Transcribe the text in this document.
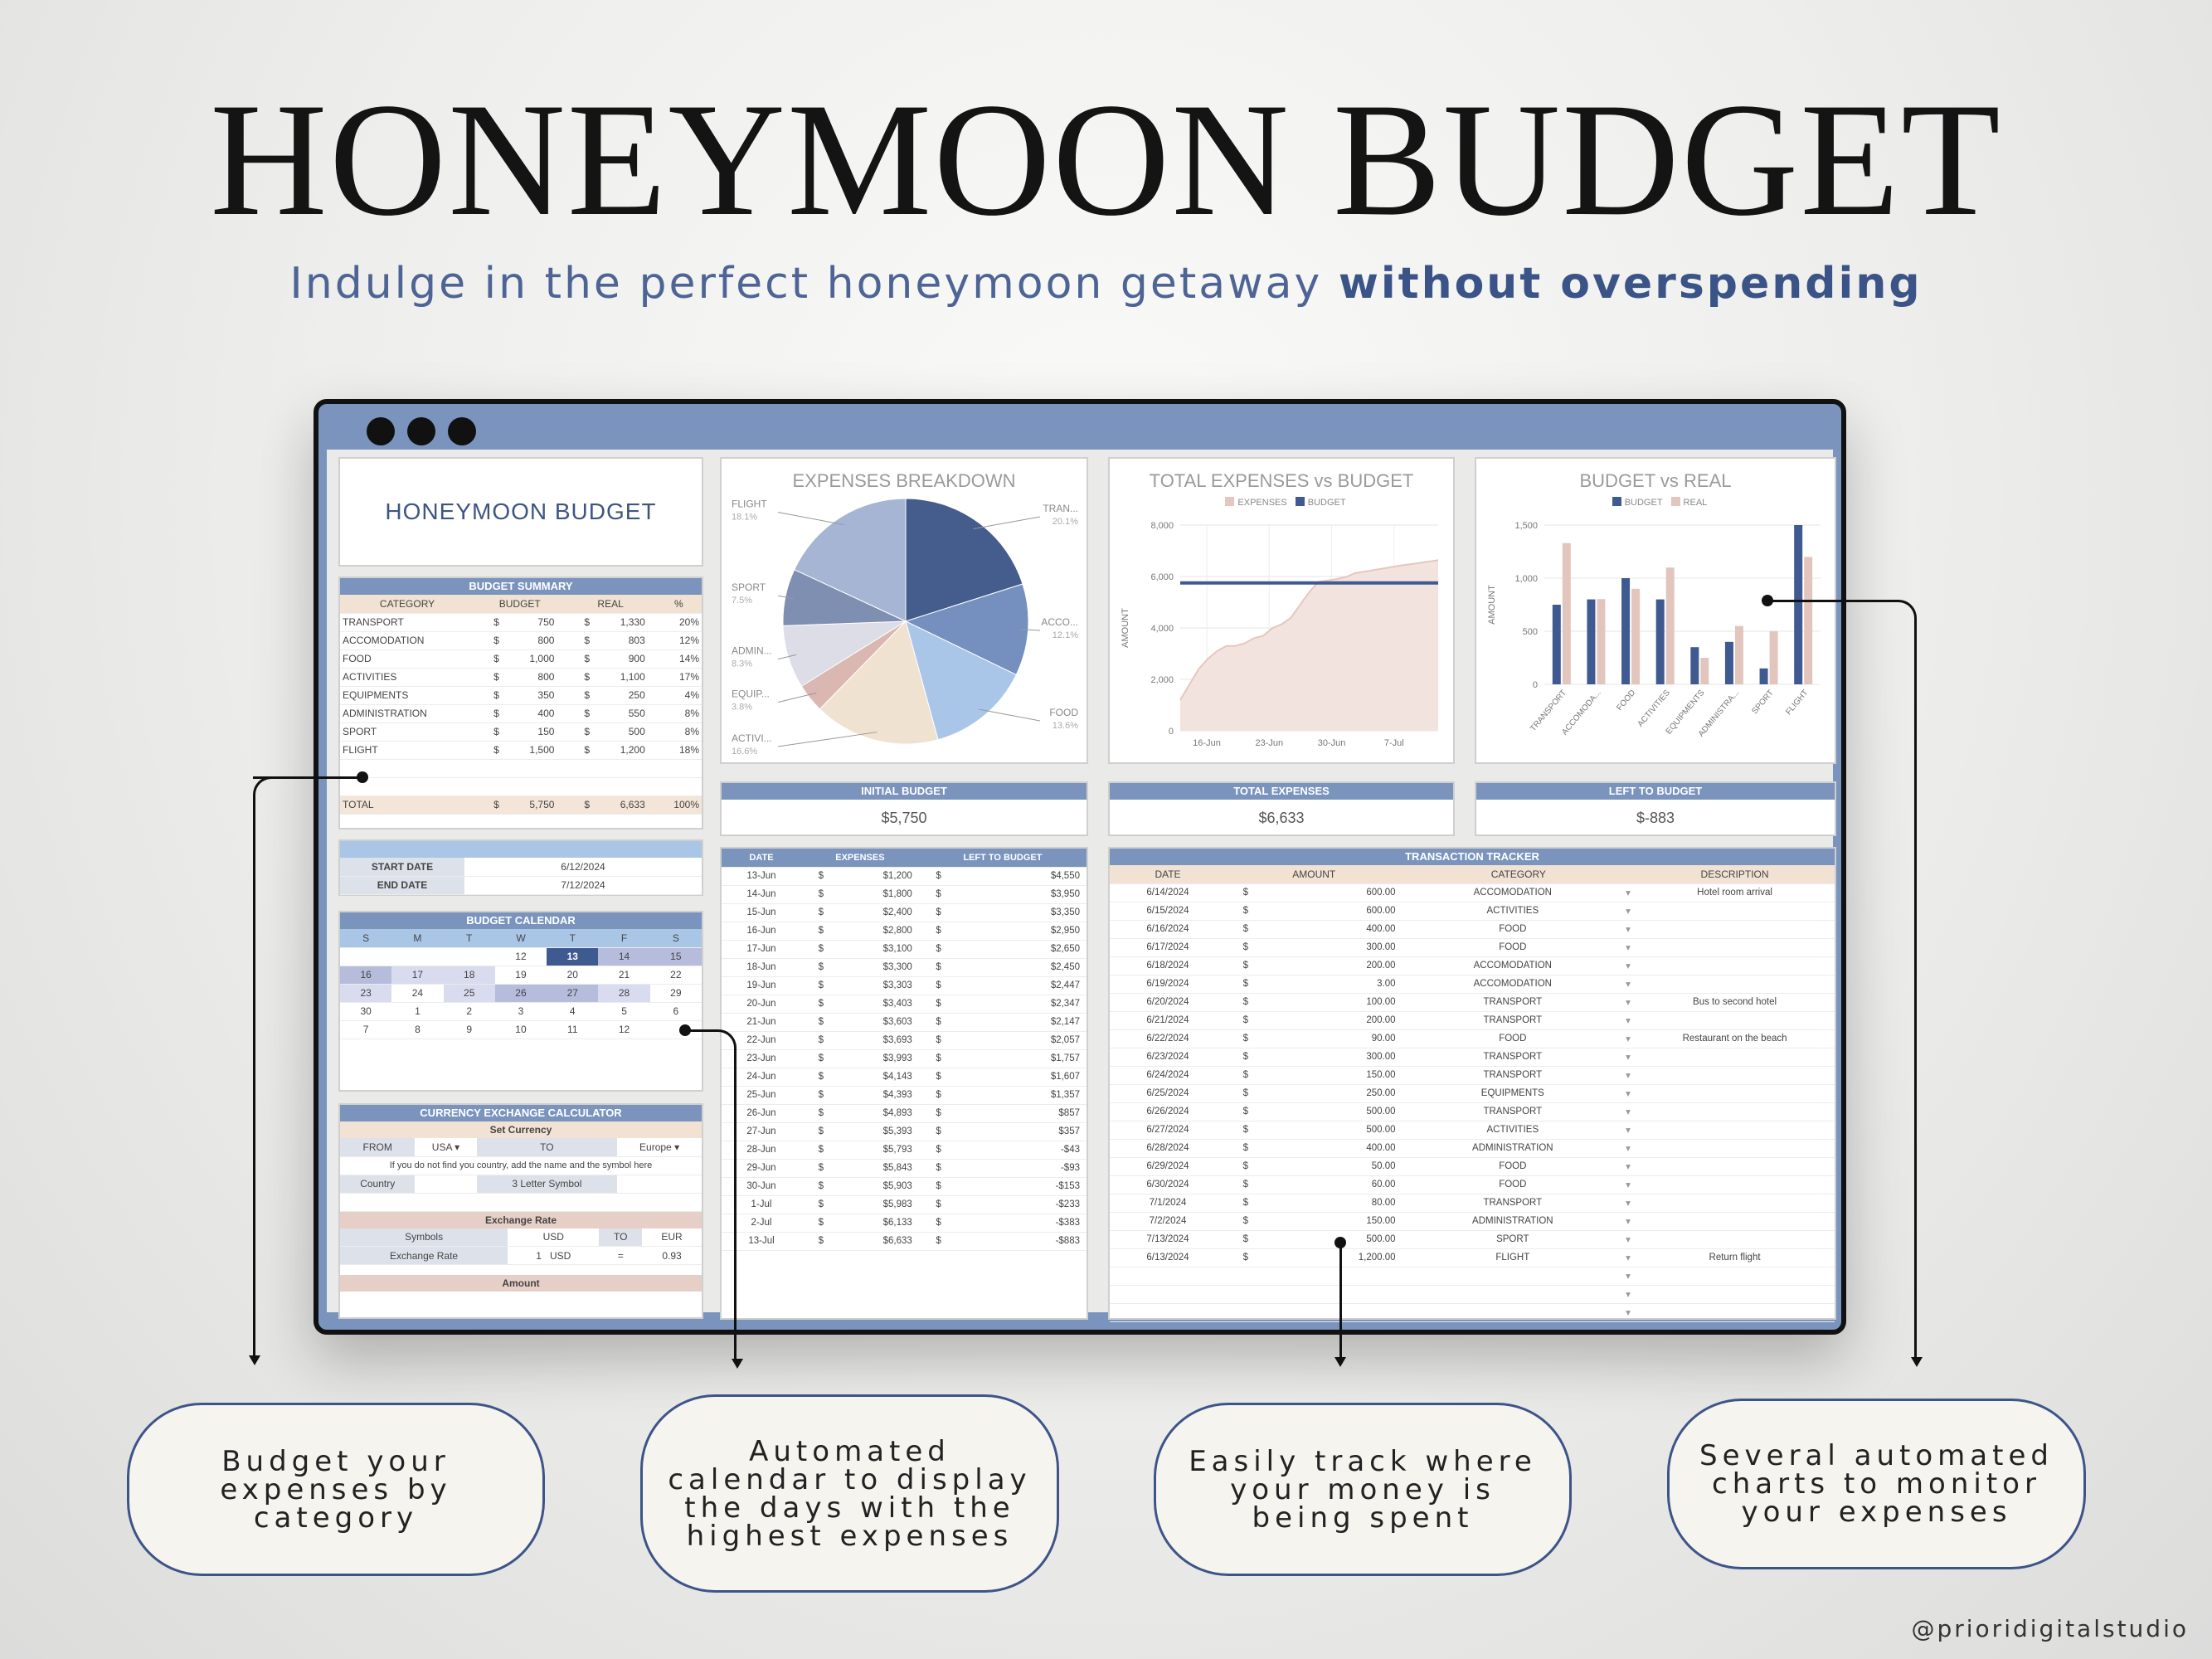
HONEYMOON BUDGET
Indulge in the perfect honeymoon getaway without overspending
HONEYMOON BUDGET
BUDGET SUMMARY
CATEGORY	BUDGET	REAL	%
TRANSPORT	$ 750	$ 1,330	20%
ACCOMODATION	$ 800	$ 803	12%
FOOD	$ 1,000	$ 900	14%
ACTIVITIES	$ 800	$ 1,100	17%
EQUIPMENTS	$ 350	$ 250	4%
ADMINISTRATION	$ 400	$ 550	8%
SPORT	$ 150	$ 500	8%
FLIGHT	$ 1,500	$ 1,200	18%

TOTAL	$ 5,750	$ 6,633	100%
START DATE	6/12/2024
END DATE	7/12/2024
BUDGET CALENDAR
S	M	T	W	T	F	S
			12	13	14	15
16	17	18	19	20	21	22
23	24	25	26	27	28	29
30	1	2	3	4	5	6
7	8	9	10	11	12	
CURRENCY EXCHANGE CALCULATOR
Set Currency
FROM	USA ▾	TO	Europe ▾
If you do not find you country, add the name and the symbol here			
Country		3 Letter Symbol	

Exchange Rate
Symbols	USD	TO	EUR
Exchange Rate	1 USD	=	0.93
Amount
EXPENSES BREAKDOWN
TRAN...
20.1%
ACCO...
12.1%
FOOD
13.6%
ACTIVI...
16.6%
EQUIP...
3.8%
ADMIN...
8.3%
SPORT
7.5%
FLIGHT
18.1%
TOTAL EXPENSES vs BUDGET
EXPENSES BUDGET
0
2,000
4,000
6,000
8,000
16-Jun	23-Jun	30-Jun	7-Jul
AMOUNT
BUDGET vs REAL
BUDGET REAL
0
500
1,000
1,500
TRANSPORT
ACCOMODA... FOOD
ACTIVITIES
EQUIPMENTS
ADMINISTRA... SPORT FLIGHT
AMOUNT
INITIAL BUDGET
$5,750
TOTAL EXPENSES
$6,633
LEFT TO BUDGET
$-883
DATE	EXPENSES		LEFT TO BUDGET	
13-Jun	$	$1,200	$	$4,550
14-Jun	$	$1,800	$	$3,950
15-Jun	$	$2,400	$	$3,350
16-Jun	$	$2,800	$	$2,950
17-Jun	$	$3,100	$	$2,650
18-Jun	$	$3,300	$	$2,450
19-Jun	$	$3,303	$	$2,447
20-Jun	$	$3,403	$	$2,347
21-Jun	$	$3,603	$	$2,147
22-Jun	$	$3,693	$	$2,057
23-Jun	$	$3,993	$	$1,757
24-Jun	$	$4,143	$	$1,607
25-Jun	$	$4,393	$	$1,357
26-Jun	$	$4,893	$	$857
27-Jun	$	$5,393	$	$357
28-Jun	$	$5,793	$	-$43
29-Jun	$	$5,843	$	-$93
30-Jun	$	$5,903	$	-$153
1-Jul	$	$5,983	$	-$233
2-Jul	$	$6,133	$	-$383
13-Jul	$	$6,633	$	-$883
TRANSACTION TRACKER
DATE	AMOUNT		CATEGORY		DESCRIPTION
6/14/2024	$	600.00	ACCOMODATION	▾	Hotel room arrival
6/15/2024	$	600.00	ACTIVITIES	▾	
6/16/2024	$	400.00	FOOD	▾	
6/17/2024	$	300.00	FOOD	▾	
6/18/2024	$	200.00	ACCOMODATION	▾	
6/19/2024	$	3.00	ACCOMODATION	▾	
6/20/2024	$	100.00	TRANSPORT	▾	Bus to second hotel
6/21/2024	$	200.00	TRANSPORT	▾	
6/22/2024	$	90.00	FOOD	▾	Restaurant on the beach
6/23/2024	$	300.00	TRANSPORT	▾	
6/24/2024	$	150.00	TRANSPORT	▾	
6/25/2024	$	250.00	EQUIPMENTS	▾	
6/26/2024	$	500.00	TRANSPORT	▾	
6/27/2024	$	500.00	ACTIVITIES	▾	
6/28/2024	$	400.00	ADMINISTRATION	▾	
6/29/2024	$	50.00	FOOD	▾	
6/30/2024	$	60.00	FOOD	▾	
7/1/2024	$	80.00	TRANSPORT	▾	
7/2/2024	$	150.00	ADMINISTRATION	▾	
7/13/2024	$	500.00	SPORT	▾	
6/13/2024	$	1,200.00	FLIGHT	▾	Return flight
				▾	
				▾	
				▾	
Budget your expenses by category
Automated calendar to display the days with the highest expenses
Easily track where your money is being spent
Several automated charts to monitor your expenses
@prioridigitalstudio
